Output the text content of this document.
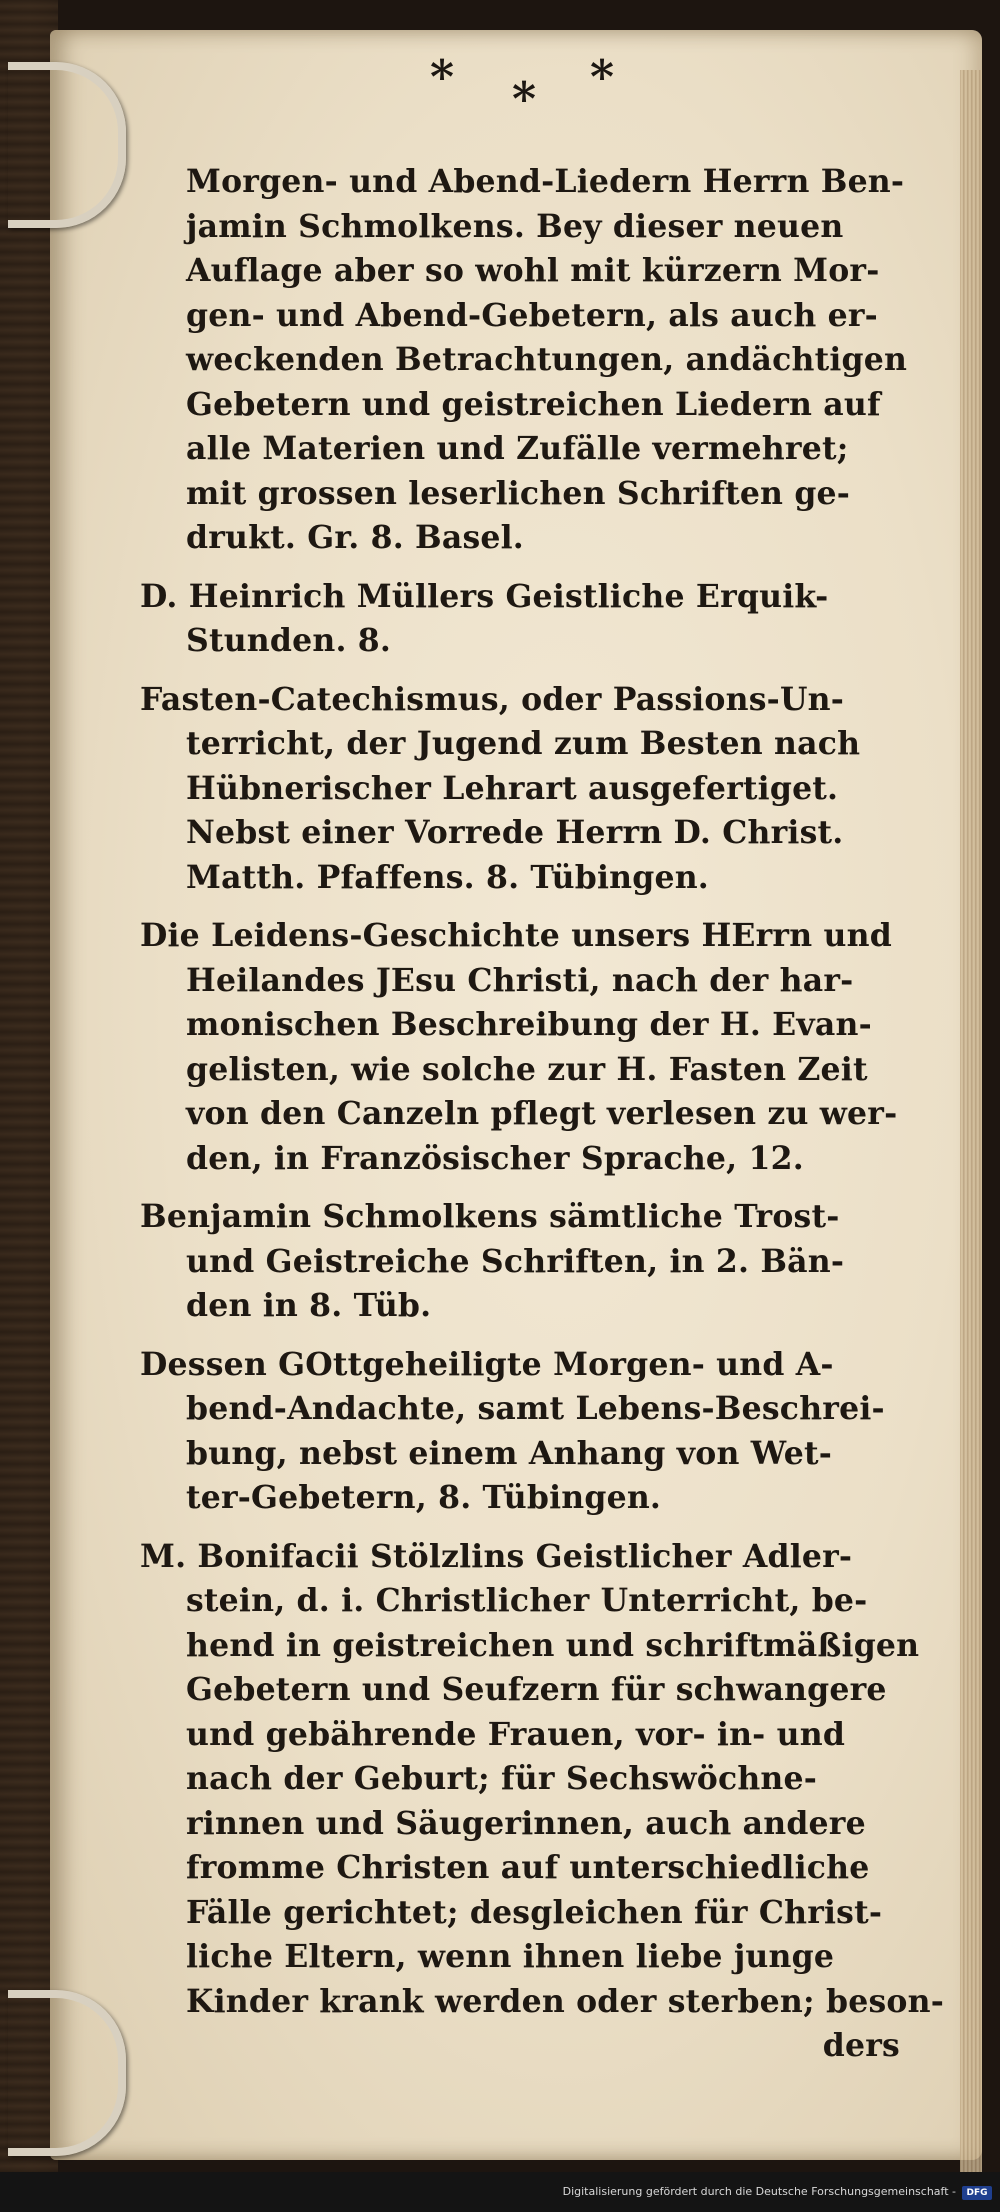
* * *
Morgen- und Abend-Liedern Herrn Ben-
jamin Schmolkens. Bey dieser neuen
Auflage aber so wohl mit kürzern Mor-
gen- und Abend-Gebetern, als auch er-
weckenden Betrachtungen, andächtigen
Gebetern und geistreichen Liedern auf
alle Materien und Zufälle vermehret;
mit grossen leserlichen Schriften ge-
drukt. Gr. 8. Basel.
D. Heinrich Müllers Geistliche Erquik-
Stunden. 8.
Fasten-Catechismus, oder Passions-Un-
terricht, der Jugend zum Besten nach
Hübnerischer Lehrart ausgefertiget.
Nebst einer Vorrede Herrn D. Christ.
Matth. Pfaffens. 8. Tübingen.
Die Leidens-Geschichte unsers HErrn und
Heilandes JEsu Christi, nach der har-
monischen Beschreibung der H. Evan-
gelisten, wie solche zur H. Fasten Zeit
von den Canzeln pflegt verlesen zu wer-
den, in Französischer Sprache, 12.
Benjamin Schmolkens sämtliche Trost-
und Geistreiche Schriften, in 2. Bän-
den in 8. Tüb.
Dessen GOttgeheiligte Morgen- und A-
bend-Andachte, samt Lebens-Beschrei-
bung, nebst einem Anhang von Wet-
ter-Gebetern, 8. Tübingen.
M. Bonifacii Stölzlins Geistlicher Adler-
stein, d. i. Christlicher Unterricht, be-
hend in geistreichen und schriftmäßigen
Gebetern und Seufzern für schwangere
und gebährende Frauen, vor- in- und
nach der Geburt; für Sechswöchne-
rinnen und Säugerinnen, auch andere
fromme Christen auf unterschiedliche
Fälle gerichtet; desgleichen für Christ-
liche Eltern, wenn ihnen liebe junge
Kinder krank werden oder sterben; beson-
ders
Digitalisierung gefördert durch die Deutsche Forschungsgemeinschaft -	DFG
